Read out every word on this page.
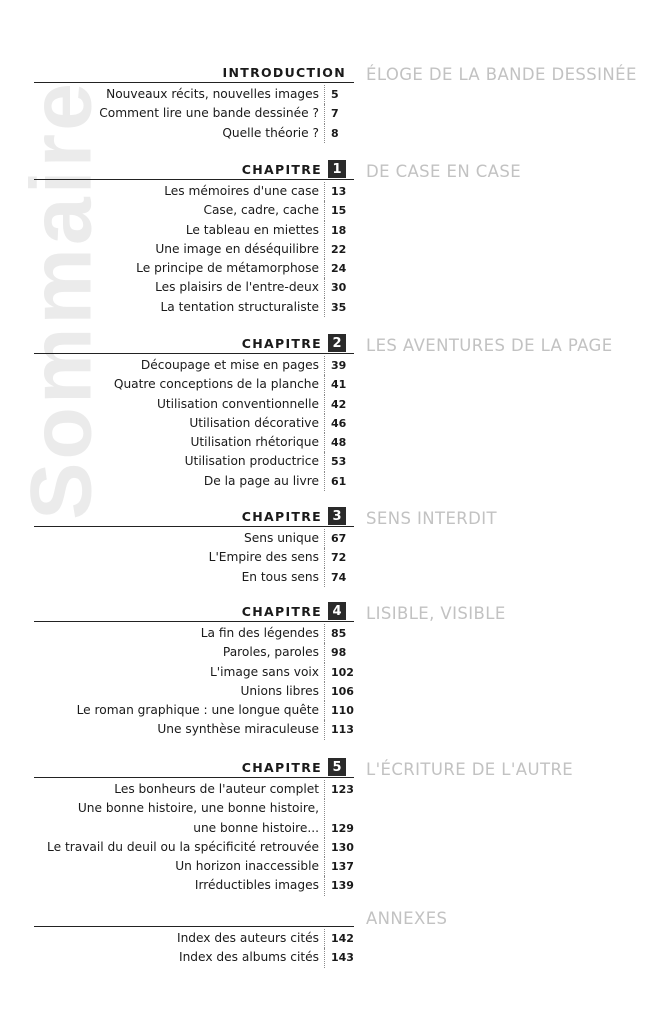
Sommaire
INTRODUCTION ÉLOGE DE LA BANDE DESSINÉE
Nouveaux récits, nouvelles images	5
Comment lire une bande dessinée ?	7
Quelle théorie ?	8
CHAPITRE 1 DE CASE EN CASE
Les mémoires d'une case	13
Case, cadre, cache	15
Le tableau en miettes	18
Une image en déséquilibre	22
Le principe de métamorphose	24
Les plaisirs de l'entre-deux	30
La tentation structuraliste	35
CHAPITRE 2 LES AVENTURES DE LA PAGE
Découpage et mise en pages	39
Quatre conceptions de la planche	41
Utilisation conventionnelle	42
Utilisation décorative	46
Utilisation rhétorique	48
Utilisation productrice	53
De la page au livre	61
CHAPITRE 3 SENS INTERDIT
Sens unique	67
L'Empire des sens	72
En tous sens	74
CHAPITRE 4 LISIBLE, VISIBLE
La fin des légendes	85
Paroles, paroles	98
L'image sans voix	102
Unions libres	106
Le roman graphique : une longue quête	110
Une synthèse miraculeuse	113
CHAPITRE 5 L'ÉCRITURE DE L'AUTRE
Les bonheurs de l'auteur complet	123
Une bonne histoire, une bonne histoire,
une bonne histoire...	129
Le travail du deuil ou la spécificité retrouvée	130
Un horizon inaccessible	137
Irréductibles images	139
ANNEXES
Index des auteurs cités	142
Index des albums cités	143
